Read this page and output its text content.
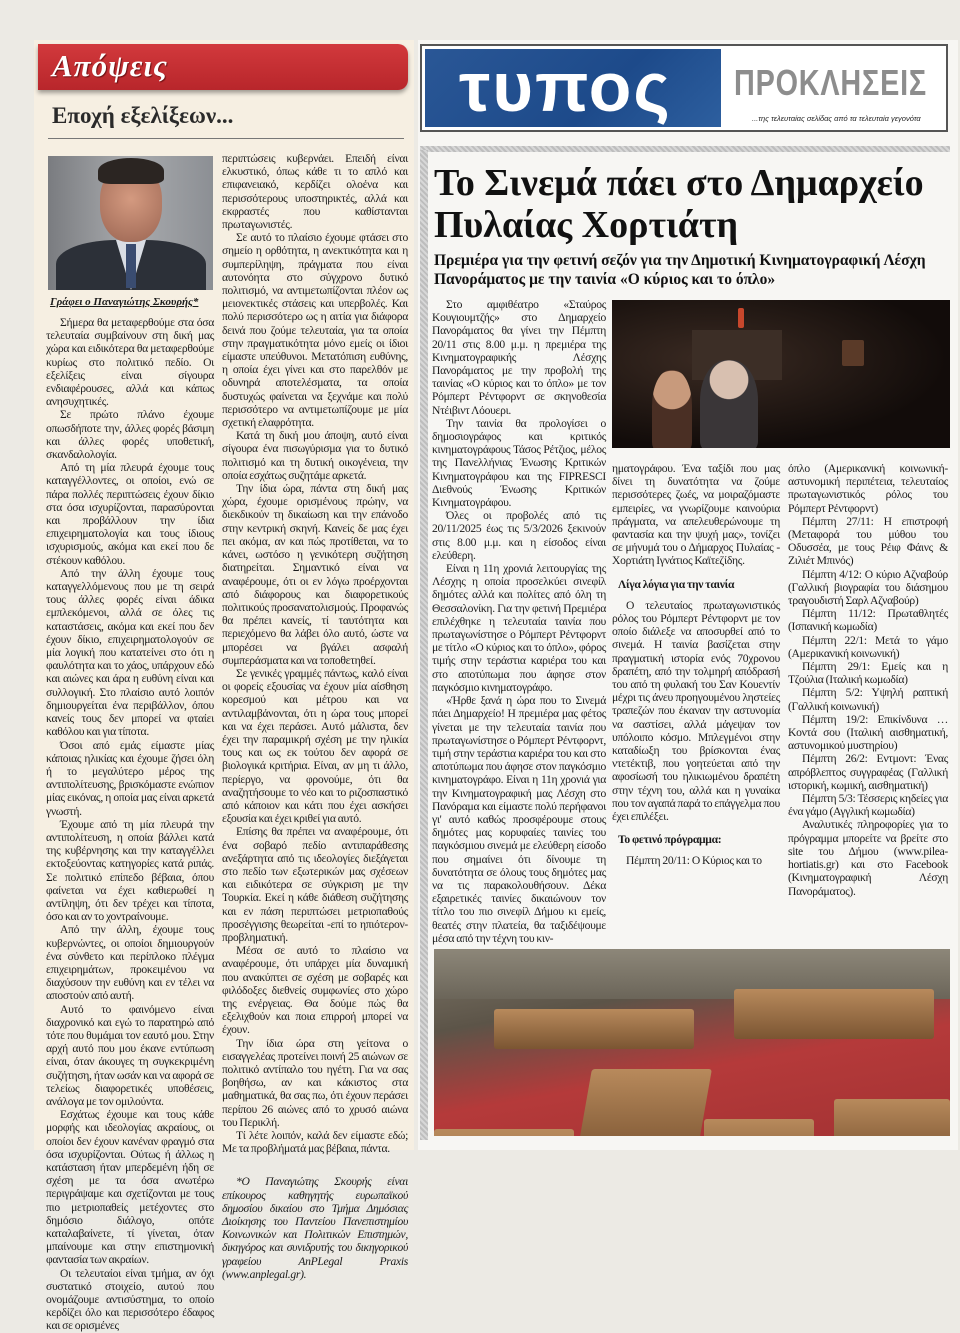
Απόψεις
Εποχή εξελίξεων...
Γράφει ο Παναγιώτης Σκουρής*

Σήμερα θα μεταφερθούμε στα όσα τελευταία συμβαίνουν στη δική μας χώρα και ειδικότερα θα μεταφερθούμε κυρίως στο πολιτικό πεδίο. Οι εξελίξεις είναι σίγουρα ενδιαφέρουσες, αλλά και κάπως ανησυχητικές.

Σε πρώτο πλάνο έχουμε οπωσδήποτε την, άλλες φορές βάσιμη και άλλες φορές υποθετική, σκανδαλολογία.

Από τη μία πλευρά έχουμε τους καταγγέλλοντες, οι οποίοι, ενώ σε πάρα πολλές περιπτώσεις έχουν δίκιο στα όσα ισχυρίζονται, παρασύρονται και προβάλλουν την ίδια επιχειρηματολογία και τους ίδιους ισχυρισμούς, ακόμα και εκεί που δε στέκουν καθόλου.

Από την άλλη έχουμε τους καταγγελλόμενους που με τη σειρά τους άλλες φορές είναι άδικα εμπλεκόμενοι, αλλά σε όλες τις καταστάσεις, ακόμα και εκεί που δεν έχουν δίκιο, επιχειρηματολογούν σε μία λογική που κατατείνει στο ότι η φαυλότητα και το χάος, υπάρχουν εδώ και αιώνες και άρα η ευθύνη είναι και συλλογική. Στο πλαίσιο αυτό λοιπόν δημιουργείται ένα περιβάλλον, όπου κανείς τους δεν μπορεί να φταίει καθόλου και για τίποτα.

Όσοι από εμάς είμαστε μίας κάποιας ηλικίας και έχουμε ζήσει όλη ή το μεγαλύτερο μέρος της αντιπολίτευσης, βρισκόμαστε ενώπιον μίας εικόνας, η οποία μας είναι αρκετά γνωστή.

Έχουμε από τη μία πλευρά την αντιπολίτευση, η οποία βάλλει κατά της κυβέρνησης και την καταγγέλλει εκτοξεύοντας κατηγορίες κατά ριπάς. Σε πολιτικό επίπεδο βέβαια, όπου φαίνεται να έχει καθιερωθεί η αντίληψη, ότι δεν τρέχει και τίποτα, όσο και αν το χοντραίνουμε.

Από την άλλη, έχουμε τους κυβερνώντες, οι οποίοι δημιουργούν ένα σύνθετο και περίπλοκο πλέγμα επιχειρημάτων, προκειμένου να διαχύσουν την ευθύνη και εν τέλει να αποστούν από αυτή.

Αυτό το φαινόμενο είναι διαχρονικό και εγώ το παρατηρώ από τότε που θυμάμαι τον εαυτό μου. Στην αρχή αυτό που μου έκανε εντύπωση είναι, όταν άκουγες τη συγκεκριμένη συζήτηση, ήταν ωσάν και να αφορά σε τελείως διαφορετικές υποθέσεις, ανάλογα με τον ομιλούντα.

Εσχάτως έχουμε και τους κάθε μορφής και ιδεολογίας ακραίους, οι οποίοι δεν έχουν κανέναν φραγμό στα όσα ισχυρίζονται. Ούτως ή άλλως η κατάσταση ήταν μπερδεμένη ήδη σε σχέση με τα όσα ανωτέρω περιγράψαμε και σχετίζονται με τους πιο μετριοπαθείς μετέχοντες στο δημόσιο διάλογο, οπότε καταλαβαίνετε, τί γίνεται, όταν μπαίνουμε και στην επιστημονική φαντασία των ακραίων.

Οι τελευταίοι είναι τμήμα, αν όχι συστατικό στοιχείο, αυτού που ονομάζουμε αντισύστημα, το οποίο κερδίζει όλο και περισσότερο έδαφος και σε ορισμένες

περιπτώσεις κυβερνάει. Επειδή είναι ελκυστικό, όπως κάθε τι το απλό και επιφανειακό, κερδίζει ολοένα και περισσότερους υποστηρικτές, αλλά και εκφραστές που καθίστανται πρωταγωνιστές.

Σε αυτό το πλαίσιο έχουμε φτάσει στο σημείο η ορθότητα, η ανεκτικότητα και η συμπερίληψη, πράγματα που είναι αυτονόητα στο σύγχρονο δυτικό πολιτισμό, να αντιμετωπίζονται πλέον ως μειονεκτικές στάσεις και υπερβολές. Και πολύ περισσότερο ως η αιτία για διάφορα δεινά που ζούμε τελευταία, για τα οποία στην πραγματικότητα μόνο εμείς οι ίδιοι είμαστε υπεύθυνοι. Μετατόπιση ευθύνης, η οποία έχει γίνει και στο παρελθόν με οδυνηρά αποτελέσματα, τα οποία δυστυχώς φαίνεται να ξεχνάμε και πολύ περισσότερο να αντιμετωπίζουμε με μία σχετική ελαφρότητα.

Κατά τη δική μου άποψη, αυτό είναι σίγουρα ένα πισωγύρισμα για το δυτικό πολιτισμό και τη δυτική οικογένεια, την οποία εσχάτως συζητάμε αρκετά.

Την ίδια ώρα, πάντα στη δική μας χώρα, έχουμε ορισμένους πρώην, να διεκδικούν τη δικαίωση και την επάνοδο στην κεντρική σκηνή. Κανείς δε μας έχει πει ακόμα, αν και πώς προτίθεται, να το κάνει, ωστόσο η γενικότερη συζήτηση διατηρείται. Σημαντικό είναι να αναφέρουμε, ότι οι εν λόγω προέρχονται από διάφορους και διαφορετικούς πολιτικούς προσανατολισμούς. Προφανώς θα πρέπει κανείς, τί ταυτότητα και περιεχόμενο θα λάβει όλο αυτό, ώστε να μπορέσει να βγάλει ασφαλή συμπεράσματα και να τοποθετηθεί.

Σε γενικές γραμμές πάντως, καλό είναι οι φορείς εξουσίας να έχουν μία αίσθηση κορεσμού και μέτρου και να αντιλαμβάνονται, ότι η ώρα τους μπορεί και να έχει περάσει. Αυτό μάλιστα, δεν έχει την παραμικρή σχέση με την ηλικία τους και ως εκ τούτου δεν αφορά σε βιολογικά κριτήρια. Είναι, αν μη τι άλλο, περίεργο, να φρονούμε, ότι θα αναζητήσουμε το νέο και το ριζοσπαστικό από κάποιον και κάτι που έχει ασκήσει εξουσία και έχει κριθεί για αυτό.

Επίσης θα πρέπει να αναφέρουμε, ότι ένα σοβαρό πεδίο αντιπαράθεσης ανεξάρτητα από τις ιδεολογίες διεξάγεται στο πεδίο των εξωτερικών μας σχέσεων και ειδικότερα σε σύγκριση με την Τουρκία. Εκεί η κάθε διάθεση συζήτησης και εν πάση περιπτώσει μετριοπαθούς προσέγγισης θεωρείται -επί το ηπιότερον- προβληματική.

Μέσα σε αυτό το πλαίσιο να αναφέρουμε, ότι υπάρχει μία δυναμική που ανακύπτει σε σχέση με σοβαρές και φιλόδοξες διεθνείς συμφωνίες στο χώρο της ενέργειας. Θα δούμε πώς θα εξελιχθούν και ποια επιρροή μπορεί να έχουν.

Την ίδια ώρα στη γείτονα ο εισαγγελέας προτείνει ποινή 25 αιώνων σε πολιτικό αντίπαλο του ηγέτη. Για να σας βοηθήσω, αν και κάκιστος στα μαθηματικά, θα σας πω, ότι έχουν περάσει περίπου 26 αιώνες από το χρυσό αιώνα του Περικλή.

Τί λέτε λοιπόν, καλά δεν είμαστε εδώ; Με τα προβλήματά μας βέβαια, πάντα.

*Ο Παναγιώτης Σκουρής είναι επίκουρος καθηγητής ευρωπαϊκού δημοσίου δικαίου στο Τμήμα Δημόσιας Διοίκησης του Παντείου Πανεπιστημίου Κοινωνικών και Πολιτικών Επιστημών, δικηγόρος και συνιδρυτής του δικηγορικού γραφείου AnPLegal Praxis (www.anplegal.gr).

τυπος ΠΡΟΚΛΗΣΕΙΣ
...της τελευταίας σελίδας από τα τελευταία γεγονότα
Το Σινεμά πάει στο Δημαρχείο Πυλαίας Χορτιάτη
Πρεμιέρα για την φετινή σεζόν για την Δημοτική Κινηματογραφική Λέσχη Πανοράματος με την ταινία «Ο κύριος και το όπλο»

Στο αμφιθέατρο «Σταύρος Κουγιουμτζής» στο Δημαρχείο Πανοράματος θα γίνει την Πέμπτη 20/11 στις 8.00 μ.μ. η πρεμιέρα της Κινηματογραφικής Λέσχης Πανοράματος με την προβολή της ταινίας «Ο κύριος και το όπλο» με τον Ρόμπερτ Ρέντφορντ σε σκηνοθεσία Ντέιβιντ Λόουερι.

Την ταινία θα προλογίσει ο δημοσιογράφος και κριτικός κινηματογράφους Τάσος Ρέτζιος, μέλος της Πανελλήνιας Ένωσης Κριτικών Κινηματογράφου και της FIPRESCI Διεθνούς Ένωσης Κριτικών Κινηματογράφου.

Όλες οι προβολές από τις 20/11/2025 έως τις 5/3/2026 ξεκινούν στις 8.00 μ.μ. και η είσοδος είναι ελεύθερη.

Είναι η 11η χρονιά λειτουργίας της Λέσχης η οποία προσελκύει σινεφίλ δημότες αλλά και πολίτες από όλη τη Θεσσαλονίκη. Για την φετινή Πρεμιέρα επιλέχθηκε η τελευταία ταινία που πρωταγωνίστησε ο Ρόμπερτ Ρέντφορντ με τίτλο «Ο κύριος και το όπλο», φόρος τιμής στην τεράστια καριέρα του και στο αποτύπωμα που άφησε στον παγκόσμιο κινηματογράφο.

«Ήρθε ξανά η ώρα που το Σινεμά πάει Δημαρχείο! Η πρεμιέρα μας φέτος γίνεται με την τελευταία ταινία που πρωταγωνίστησε ο Ρόμπερτ Ρέντφορντ, τιμή στην τεράστια καριέρα του και στο αποτύπωμα που άφησε στον παγκόσμιο κινηματογράφο. Είναι η 11η χρονιά για την Κινηματογραφική μας Λέσχη στο Πανόραμα και είμαστε πολύ περήφανοι γι' αυτό καθώς προσφέρουμε στους δημότες μας κορυφαίες ταινίες του παγκόσμιου σινεμά με ελεύθερη είσοδο που σημαίνει ότι δίνουμε τη δυνατότητα σε όλους τους δημότες μας να τις παρακολουθήσουν. Δέκα εξαιρετικές ταινίες δικαιώνουν τον τίτλο του πιο σινεφίλ Δήμου κι εμείς, θεατές στην πλατεία, θα ταξιδέψουμε μέσα από την τέχνη του κιν-

ηματογράφου. Ένα ταξίδι που μας δίνει τη δυνατότητα να ζούμε περισσότερες ζωές, να μοιραζόμαστε εμπειρίες, να γνωρίζουμε καινούρια πράγματα, να απελευθερώνουμε τη φαντασία και την ψυχή μας», τονίζει σε μήνυμά του ο Δήμαρχος Πυλαίας - Χορτιάτη Ιγνάτιος Καϊτεζίδης.

Λίγα λόγια για την ταινία

Ο τελευταίος πρωταγωνιστικός ρόλος του Ρόμπερτ Ρέντφορντ με τον οποίο διάλεξε να αποσυρθεί από το σινεμά. Η ταινία βασίζεται στην πραγματική ιστορία ενός 70χρονου δραπέτη, από την τολμηρή απόδρασή του από τη φυλακή του Σαν Κουεντίν μέχρι τις άνευ προηγουμένου ληστείες τραπεζών που έκαναν την αστυνομία να σαστίσει, αλλά μάγεψαν τον υπόλοιπο κόσμο. Μπλεγμένοι στην καταδίωξη του βρίσκονται ένας ντετέκτιβ, που γοητεύεται από την αφοσίωσή του ηλικιωμένου δραπέτη στην τέχνη του, αλλά και η γυναίκα που τον αγαπά παρά το επάγγελμα που έχει επιλέξει.

Το φετινό πρόγραμμα:

Πέμπτη 20/11: Ο Κύριος και το

όπλο (Αμερικανική κοινωνική-αστυνομική περιπέτεια, τελευταίος πρωταγωνιστικός ρόλος του Ρόμπερτ Ρέντφορντ)

Πέμπτη 27/11: Η επιστροφή (Μεταφορά του μύθου του Οδυσσέα, με τους Ρέιφ Φάινς & Ζιλιέτ Μπινός)

Πέμπτη 4/12: Ο κύριο Αζναβούρ (Γαλλική βιογραφία του διάσημου τραγουδιστή Σαρλ Αζναβούρ)

Πέμπτη 11/12: Πρωταθλητές (Ισπανική κωμωδία)

Πέμπτη 22/1: Μετά το γάμο (Αμερικανική κοινωνική)

Πέμπτη 29/1: Εμείς και η Τζούλια (Ιταλική κωμωδία)

Πέμπτη 5/2: Υψηλή ραπτική (Γαλλική κοινωνική)

Πέμπτη 19/2: Επικίνδυνα …Κοντά σου (Ιταλική αισθηματική, αστυνομικού μυστηρίου)

Πέμπτη 26/2: Εντμοντ: Ένας απρόβλεπτος συγγραφέας (Γαλλική ιστορική, κωμική, αισθηματική)

Πέμπτη 5/3: Τέσσερις κηδείες για ένα γάμο (Αγγλική κωμωδία)

Αναλυτικές πληροφορίες για το πρόγραμμα μπορείτε να βρείτε στο site του Δήμου (www.pilea-hortiatis.gr) και στο Facebook (Κινηματογραφική Λέσχη Πανοράματος).
